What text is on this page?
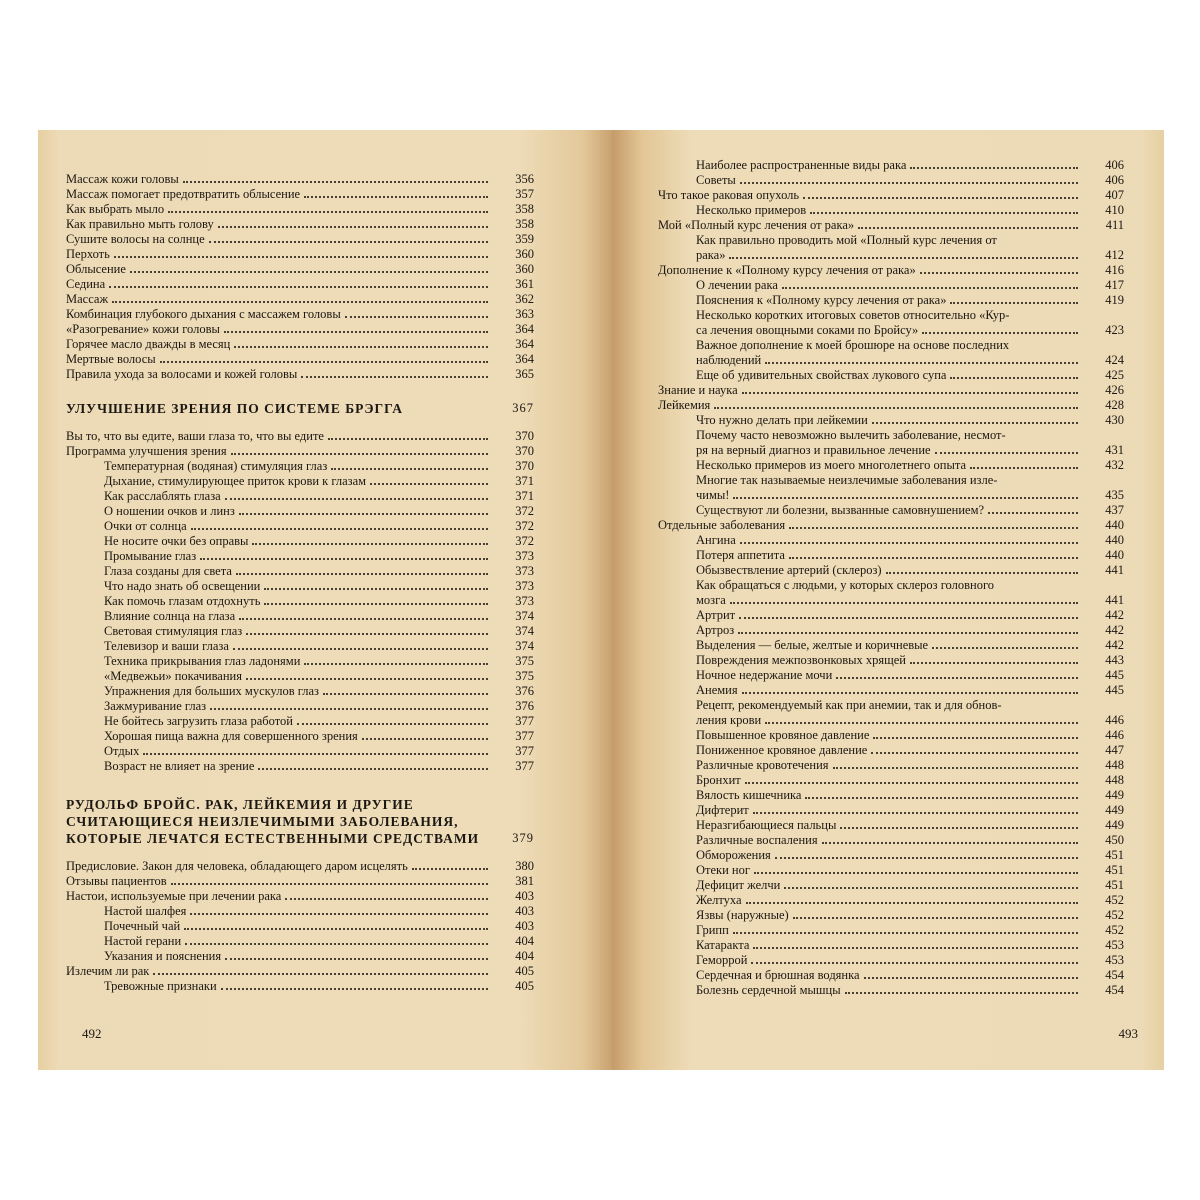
Массаж кожи головы	356
Массаж помогает предотвратить облысение	357
Как выбрать мыло	358
Как правильно мыть голову	358
Сушите волосы на солнце	359
Перхоть	360
Облысение	360
Седина	361
Массаж	362
Комбинация глубокого дыхания с массажем головы	363
«Разогревание» кожи головы	364
Горячее масло дважды в месяц	364
Мертвые волосы	364
Правила ухода за волосами и кожей головы	365
УЛУЧШЕНИЕ ЗРЕНИЯ ПО СИСТЕМЕ БРЭГГА	367
Вы то, что вы едите, ваши глаза то, что вы едите	370
Программа улучшения зрения	370
Температурная (водяная) стимуляция глаз	370
Дыхание, стимулирующее приток крови к глазам	371
Как расслаблять глаза	371
О ношении очков и линз	372
Очки от солнца	372
Не носите очки без оправы	372
Промывание глаз	373
Глаза созданы для света	373
Что надо знать об освещении	373
Как помочь глазам отдохнуть	373
Влияние солнца на глаза	374
Световая стимуляция глаз	374
Телевизор и ваши глаза	374
Техника прикрывания глаз ладонями	375
«Медвежьи» покачивания	375
Упражнения для больших мускулов глаз	376
Зажмуривание глаз	376
Не бойтесь загрузить глаза работой	377
Хорошая пища важна для совершенного зрения	377
Отдых	377
Возраст не влияет на зрение	377
РУДОЛЬФ БРОЙС. РАК, ЛЕЙКЕМИЯ И ДРУГИЕ СЧИТАЮЩИЕСЯ НЕИЗЛЕЧИМЫМИ ЗАБОЛЕВАНИЯ, КОТОРЫЕ ЛЕЧАТСЯ ЕСТЕСТВЕННЫМИ СРЕДСТВАМИ	379
Предисловие. Закон для человека, обладающего даром исцелять	380
Отзывы пациентов	381
Настои, используемые при лечении рака	403
Настой шалфея	403
Почечный чай	403
Настой герани	404
Указания и пояснения	404
Излечим ли рак	405
Тревожные признаки	405
492
Наиболее распространенные виды рака	406
Советы	406
Что такое раковая опухоль	407
Несколько примеров	410
Мой «Полный курс лечения от рака»	411
Как правильно проводить мой «Полный курс лечения от
рака»	412
Дополнение к «Полному курсу лечения от рака»	416
О лечении рака	417
Пояснения к «Полному курсу лечения от рака»	419
Несколько коротких итоговых советов относительно «Кур-
са лечения овощными соками по Бройсу»	423
Важное дополнение к моей брошюре на основе последних
наблюдений	424
Еще об удивительных свойствах лукового супа	425
Знание и наука	426
Лейкемия	428
Что нужно делать при лейкемии	430
Почему часто невозможно вылечить заболевание, несмот-
ря на верный диагноз и правильное лечение	431
Несколько примеров из моего многолетнего опыта	432
Многие так называемые неизлечимые заболевания изле-
чимы!	435
Существуют ли болезни, вызванные самовнушением?	437
Отдельные заболевания	440
Ангина	440
Потеря аппетита	440
Обызвествление артерий (склероз)	441
Как обращаться с людьми, у которых склероз головного
мозга	441
Артрит	442
Артроз	442
Выделения — белые, желтые и коричневые	442
Повреждения межпозвонковых хрящей	443
Ночное недержание мочи	445
Анемия	445
Рецепт, рекомендуемый как при анемии, так и для обнов-
ления крови	446
Повышенное кровяное давление	446
Пониженное кровяное давление	447
Различные кровотечения	448
Бронхит	448
Вялость кишечника	449
Дифтерит	449
Неразгибающиеся пальцы	449
Различные воспаления	450
Обморожения	451
Отеки ног	451
Дефицит желчи	451
Желтуха	452
Язвы (наружные)	452
Грипп	452
Катаракта	453
Геморрой	453
Сердечная и брюшная водянка	454
Болезнь сердечной мышцы	454
493
